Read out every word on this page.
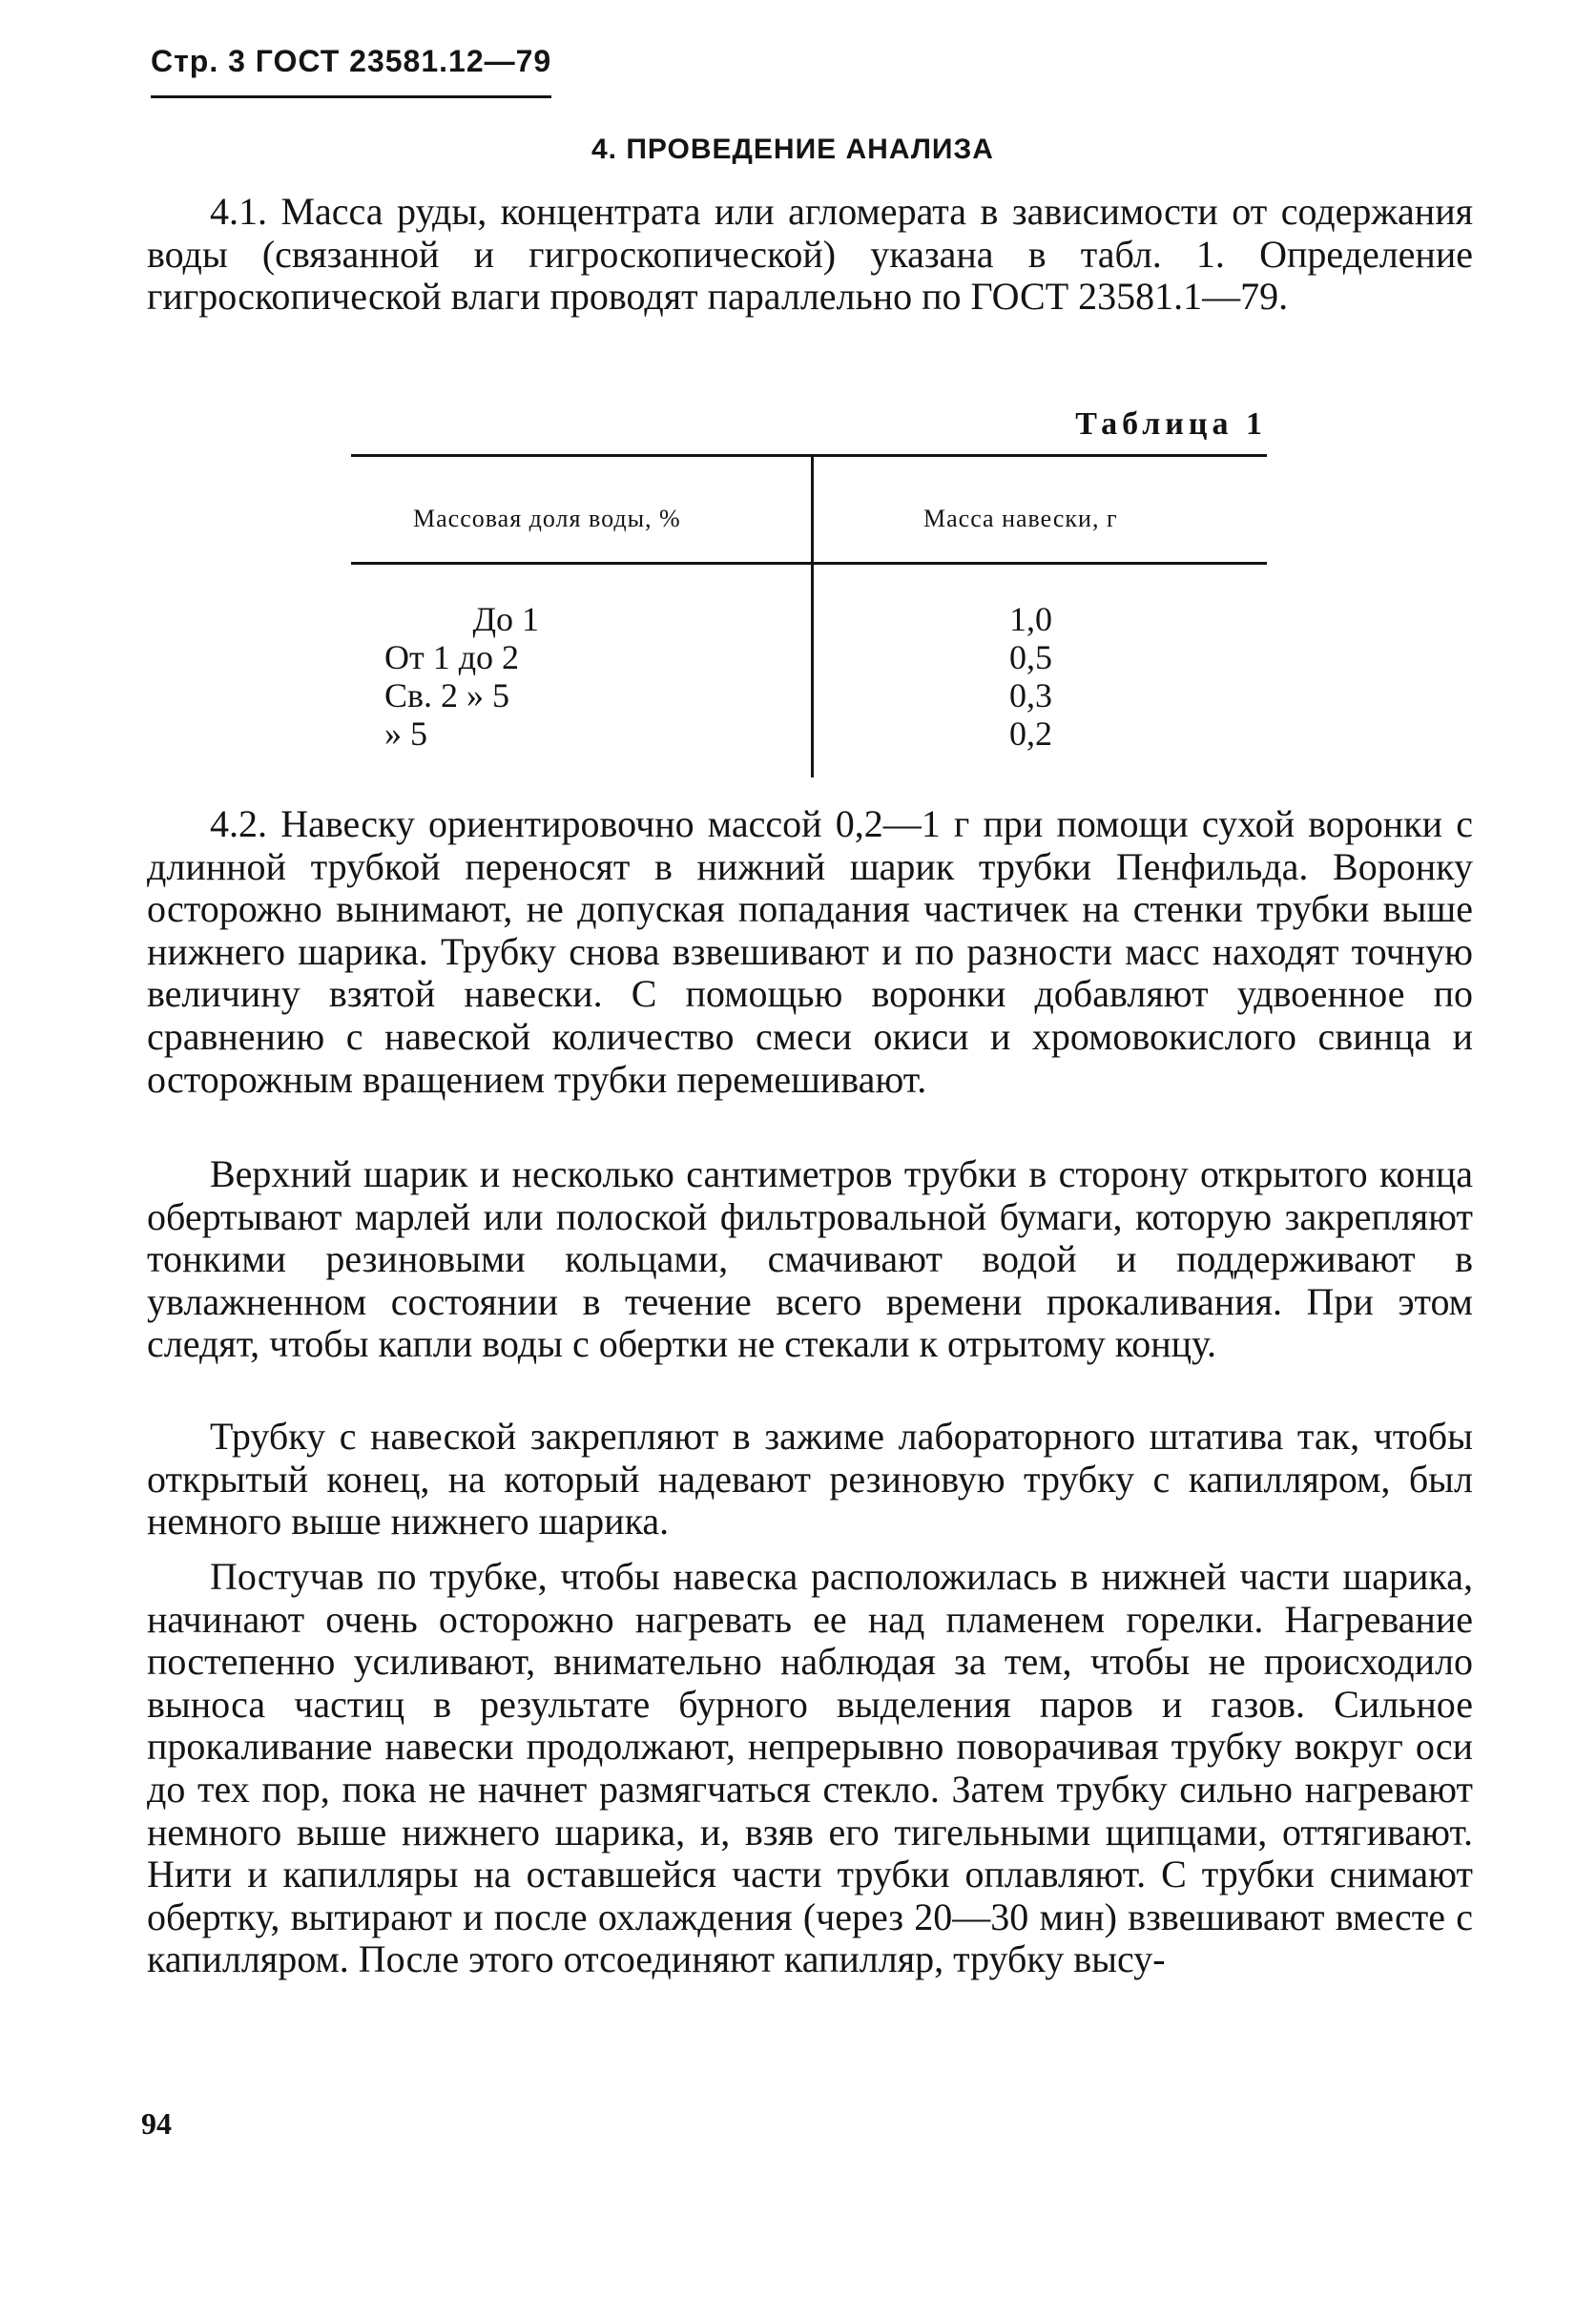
Стр. 3 ГОСТ 23581.12—79
4. ПРОВЕДЕНИЕ АНАЛИЗА

4.1. Масса руды, концентрата или агломерата в зависимости от содержания воды (связанной и гигроскопической) указана в табл. 1. Определение гигроскопической влаги проводят параллельно по ГОСТ 23581.1—79.

Таблица 1
Массовая доля воды, %	Масса навески, г
До 1
От 1 до 2
Св. 2 » 5
» 5
1,0
0,5
0,3
0,2

4.2. Навеску ориентировочно массой 0,2—1 г при помощи сухой воронки с длинной трубкой переносят в нижний шарик трубки Пенфильда. Воронку осторожно вынимают, не допуская попадания частичек на стенки трубки выше нижнего шарика. Трубку снова взвешивают и по разности масс находят точную величину взятой навески. С помощью воронки добавляют удвоенное по сравнению с навеской количество смеси окиси и хромовокислого свинца и осторожным вращением трубки перемешивают.

Верхний шарик и несколько сантиметров трубки в сторону открытого конца обертывают марлей или полоской фильтровальной бумаги, которую закрепляют тонкими резиновыми кольцами, смачивают водой и поддерживают в увлажненном состоянии в течение всего времени прокаливания. При этом следят, чтобы капли воды с обертки не стекали к отрытому концу.

Трубку с навеской закрепляют в зажиме лабораторного штатива так, чтобы открытый конец, на который надевают резиновую трубку с капилляром, был немного выше нижнего шарика.

Постучав по трубке, чтобы навеска расположилась в нижней части шарика, начинают очень осторожно нагревать ее над пламенем горелки. Нагревание постепенно усиливают, внимательно наблюдая за тем, чтобы не происходило выноса частиц в результате бурного выделения паров и газов. Сильное прокаливание навески продолжают, непрерывно поворачивая трубку вокруг оси до тех пор, пока не начнет размягчаться стекло. Затем трубку сильно нагревают немного выше нижнего шарика, и, взяв его тигельными щипцами, оттягивают. Нити и капилляры на оставшейся части трубки оплавляют. С трубки снимают обертку, вытирают и после охлаждения (через 20—30 мин) взвешивают вместе с капилляром. После этого отсоединяют капилляр, трубку высу-

94
